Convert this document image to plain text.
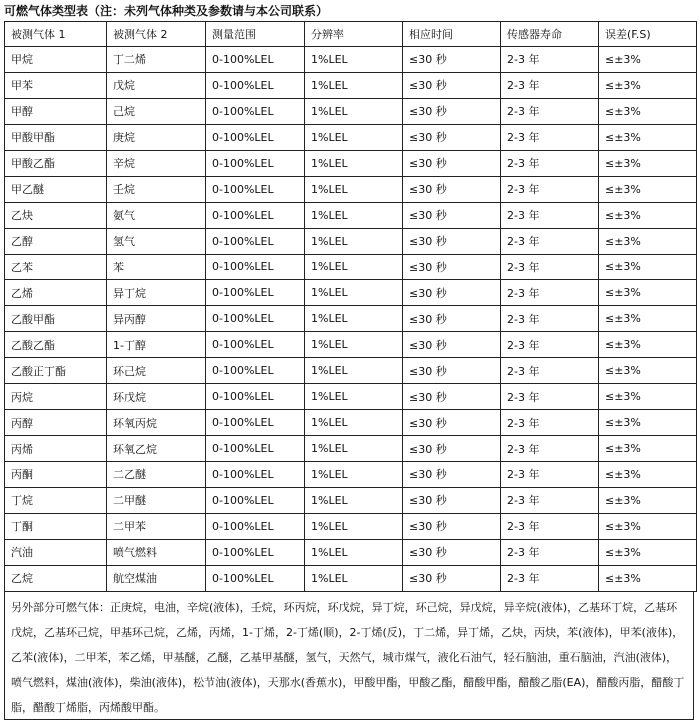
可燃气体类型表（注：未列气体种类及参数请与本公司联系）
被测气体 1	被测气体 2	测量范围	分辨率	相应时间	传感器寿命	误差(F.S)
甲烷	丁二烯	0-100%LEL	1%LEL	≤30 秒	2-3 年	≤±3%
甲苯	戊烷	0-100%LEL	1%LEL	≤30 秒	2-3 年	≤±3%
甲醇	己烷	0-100%LEL	1%LEL	≤30 秒	2-3 年	≤±3%
甲酸甲酯	庚烷	0-100%LEL	1%LEL	≤30 秒	2-3 年	≤±3%
甲酸乙酯	辛烷	0-100%LEL	1%LEL	≤30 秒	2-3 年	≤±3%
甲乙醚	壬烷	0-100%LEL	1%LEL	≤30 秒	2-3 年	≤±3%
乙炔	氨气	0-100%LEL	1%LEL	≤30 秒	2-3 年	≤±3%
乙醇	氢气	0-100%LEL	1%LEL	≤30 秒	2-3 年	≤±3%
乙苯	苯	0-100%LEL	1%LEL	≤30 秒	2-3 年	≤±3%
乙烯	异丁烷	0-100%LEL	1%LEL	≤30 秒	2-3 年	≤±3%
乙酸甲酯	异丙醇	0-100%LEL	1%LEL	≤30 秒	2-3 年	≤±3%
乙酸乙酯	1-丁醇	0-100%LEL	1%LEL	≤30 秒	2-3 年	≤±3%
乙酸正丁酯	环己烷	0-100%LEL	1%LEL	≤30 秒	2-3 年	≤±3%
丙烷	环戊烷	0-100%LEL	1%LEL	≤30 秒	2-3 年	≤±3%
丙醇	环氧丙烷	0-100%LEL	1%LEL	≤30 秒	2-3 年	≤±3%
丙烯	环氧乙烷	0-100%LEL	1%LEL	≤30 秒	2-3 年	≤±3%
丙酮	二乙醚	0-100%LEL	1%LEL	≤30 秒	2-3 年	≤±3%
丁烷	二甲醚	0-100%LEL	1%LEL	≤30 秒	2-3 年	≤±3%
丁酮	二甲苯	0-100%LEL	1%LEL	≤30 秒	2-3 年	≤±3%
汽油	喷气燃料	0-100%LEL	1%LEL	≤30 秒	2-3 年	≤±3%
乙烷	航空煤油	0-100%LEL	1%LEL	≤30 秒	2-3 年	≤±3%
另外部分可燃气体：正庚烷，电油，辛烷(液体)，壬烷，环丙烷，环戊烷，异丁烷，环己烷，异戊烷，异辛烷(液体)，乙基环丁烷，乙基环戊烷，乙基环己烷，甲基环己烷，乙烯，丙烯，1-丁烯，2-丁烯(顺)，2-丁烯(反)，丁二烯，异丁烯，乙炔，丙炔，苯(液体)，甲苯(液体)，乙苯(液体)，二甲苯，苯乙烯，甲基醚，乙醚，乙基甲基醚，氢气，天然气，城市煤气，液化石油气，轻石脑油，重石脑油，汽油(液体)，喷气燃料，煤油(液体)，柴油(液体)，松节油(液体)，天那水(香蕉水)，甲酸甲酯，甲酸乙酯，醋酸甲酯，醋酸乙脂(EA)，醋酸丙脂，醋酸丁脂，醋酸丁烯脂，丙烯酸甲酯。
